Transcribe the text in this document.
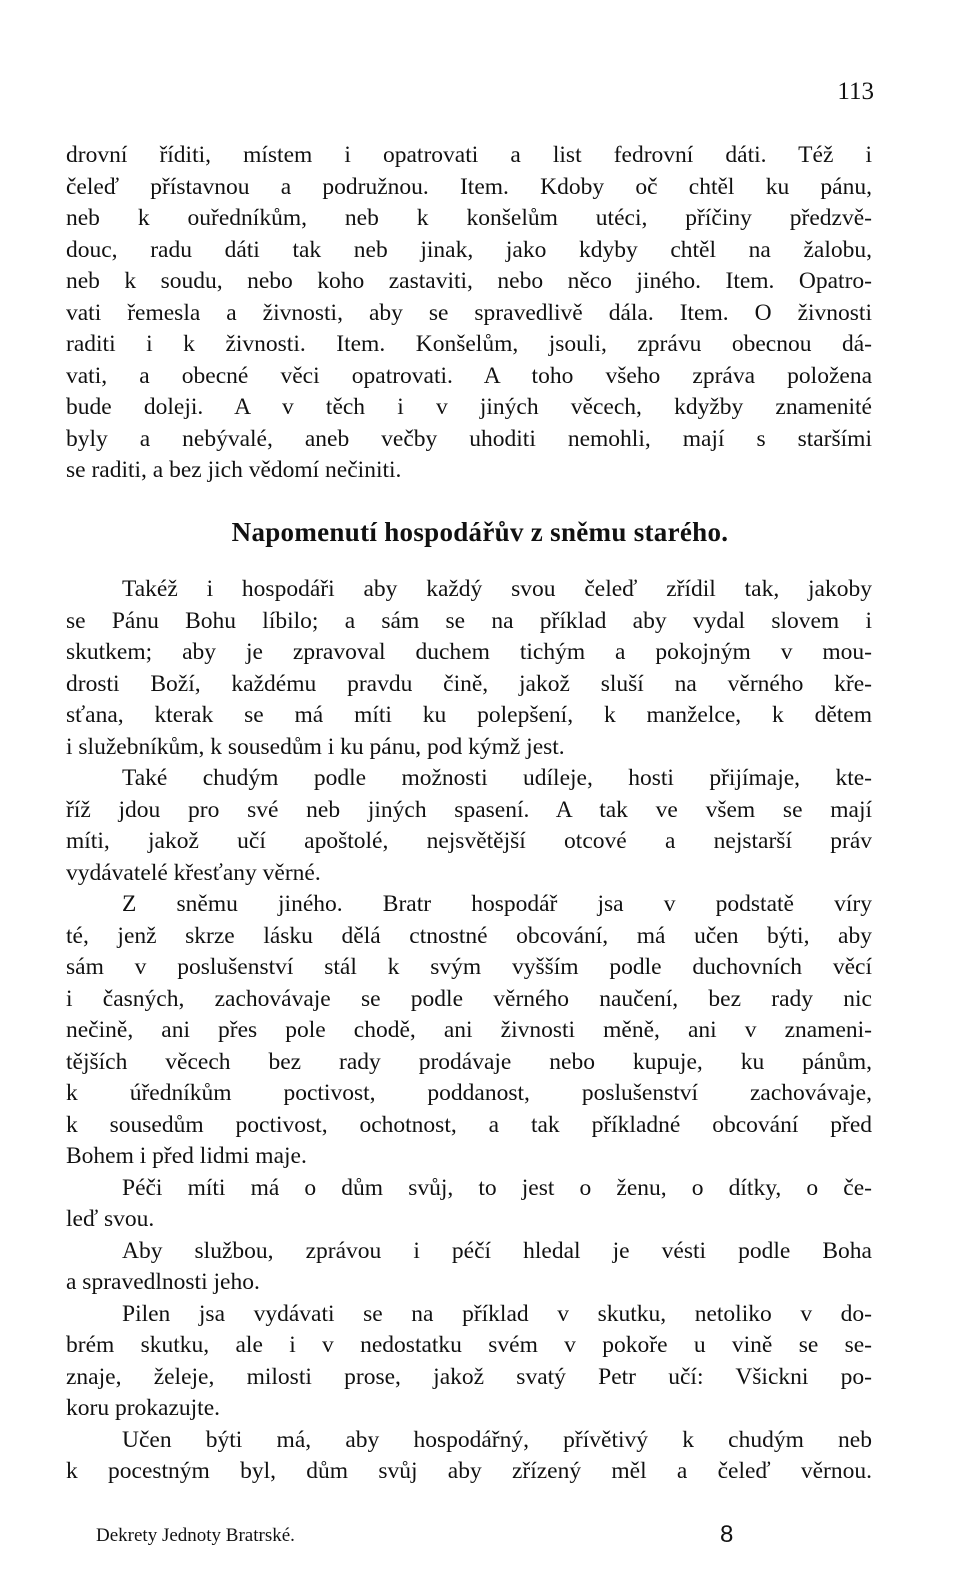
113
drovní říditi, místem i opatrovati a list fedrovní dáti. Též i
čeleď přístavnou a podružnou. Item. Kdoby oč chtěl ku pánu,
neb k ouředníkům, neb k konšelům utéci, příčiny předzvě-
douc, radu dáti tak neb jinak, jako kdyby chtěl na žalobu,
neb k soudu, nebo koho zastaviti, nebo něco jiného. Item. Opatro-
vati řemesla a živnosti, aby se spravedlivě dála. Item. O živnosti
raditi i k živnosti. Item. Konšelům, jsouli, zprávu obecnou dá-
vati, a obecné věci opatrovati. A toho všeho zpráva položena
bude doleji. A v těch i v jiných věcech, kdyžby znamenité
byly a nebývalé, aneb večby uhoditi nemohli, mají s staršími
se raditi, a bez jich vědomí nečiniti.
Napomenutí hospodářův z sněmu starého.
Takéž i hospodáři aby každý svou čeleď zřídil tak, jakoby
se Pánu Bohu líbilo; a sám se na příklad aby vydal slovem i
skutkem; aby je zpravoval duchem tichým a pokojným v mou-
drosti Boží, každému pravdu čině, jakož sluší na věrného kře-
sťana, kterak se má míti ku polepšení, k manželce, k dětem
i služebníkům, k sousedům i ku pánu, pod kýmž jest.
Také chudým podle možnosti udíleje, hosti přijímaje, kte-
říž jdou pro své neb jiných spasení. A tak ve všem se mají
míti, jakož učí apoštolé, nejsvětější otcové a nejstarší práv
vydávatelé křesťany věrné.
Z sněmu jiného. Bratr hospodář jsa v podstatě víry
té, jenž skrze lásku dělá ctnostné obcování, má učen býti, aby
sám v poslušenství stál k svým vyšším podle duchovních věcí
i časných, zachovávaje se podle věrného naučení, bez rady nic
nečině, ani přes pole chodě, ani živnosti měně, ani v znameni-
tějších věcech bez rady prodávaje nebo kupuje, ku pánům,
k úředníkům poctivost, poddanost, poslušenství zachovávaje,
k sousedům poctivost, ochotnost, a tak příkladné obcování před
Bohem i před lidmi maje.
Péči míti má o dům svůj, to jest o ženu, o dítky, o če-
leď svou.
Aby službou, zprávou i péčí hledal je vésti podle Boha
a spravedlnosti jeho.
Pilen jsa vydávati se na příklad v skutku, netoliko v do-
brém skutku, ale i v nedostatku svém v pokoře u vině se se-
znaje, želeje, milosti prose, jakož svatý Petr učí: Všickni po-
koru prokazujte.
Učen býti má, aby hospodářný, přívětivý k chudým neb
k pocestným byl, dům svůj aby zřízený měl a čeleď věrnou.
Dekrety Jednoty Bratrské.	8
